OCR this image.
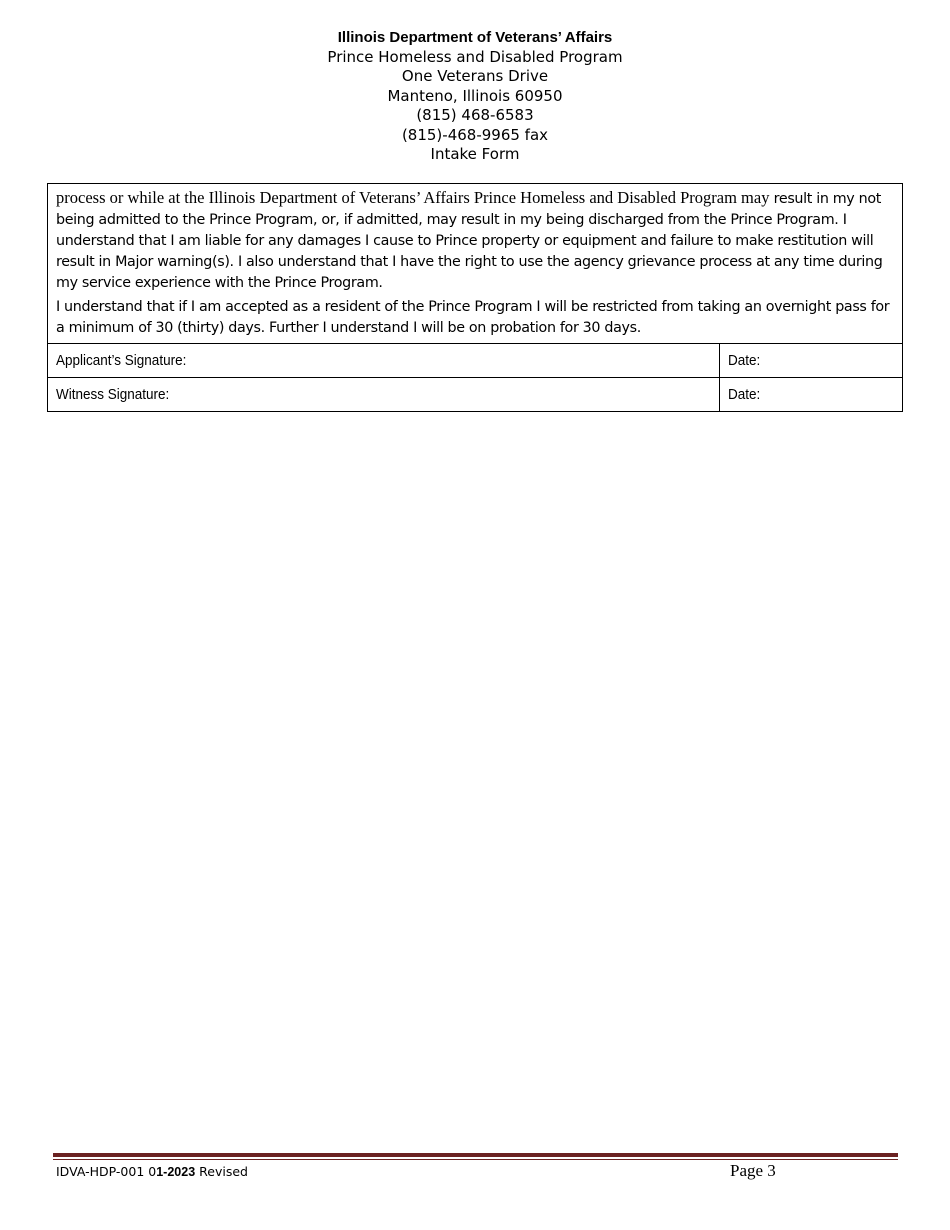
Illinois Department of Veterans’ Affairs
Prince Homeless and Disabled Program
One Veterans Drive
Manteno, Illinois 60950
(815) 468-6583
(815)-468-9965 fax
Intake Form

process or while at the Illinois Department of Veterans’ Affairs Prince Homeless and Disabled Program may result in my not being admitted to the Prince Program, or, if admitted, may result in my being discharged from the Prince Program. I understand that I am liable for any damages I cause to Prince property or equipment and failure to make restitution will result in Major warning(s). I also understand that I have the right to use the agency grievance process at any time during my service experience with the Prince Program.

I understand that if I am accepted as a resident of the Prince Program I will be restricted from taking an overnight pass for a minimum of 30 (thirty) days. Further I understand I will be on probation for 30 days.

Applicant’s Signature:	Date:
Witness Signature:	Date:
IDVA-HDP-001 01-2023 Revised	Page 3
